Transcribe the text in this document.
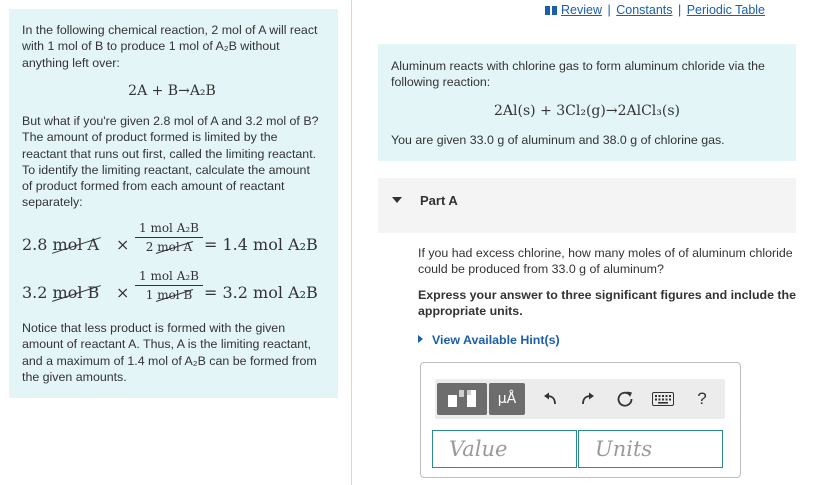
In the following chemical reaction, 2 mol of A will react with 1 mol of B to produce 1 mol of A₂B without anything left over:

2A + B→A₂B

But what if you're given 2.8 mol of A and 3.2 mol of B? The amount of product formed is limited by the reactant that runs out first, called the limiting reactant. To identify the limiting reactant, calculate the amount of product formed from each amount of reactant separately:

2.8 mol A ×
1 mol A₂B
2 mol A = 1.4 mol A₂B
3.2 mol B ×
1 mol A₂B
1 mol B = 3.2 mol A₂B

Notice that less product is formed with the given amount of reactant A. Thus, A is the limiting reactant, and a maximum of 1.4 mol of A₂B can be formed from the given amounts.

Review | Constants | Periodic Table
Aluminum reacts with chlorine gas to form aluminum chloride via the following reaction:
2Al(s) + 3Cl₂(g)→2AlCl₃(s)
You are given 33.0 g of aluminum and 38.0 g of chlorine gas.
Part A
If you had excess chlorine, how many moles of of aluminum chloride could be produced from 33.0 g of aluminum?
Express your answer to three significant figures and include the appropriate units.
View Available Hint(s)
μÅ	?
Value
Units
